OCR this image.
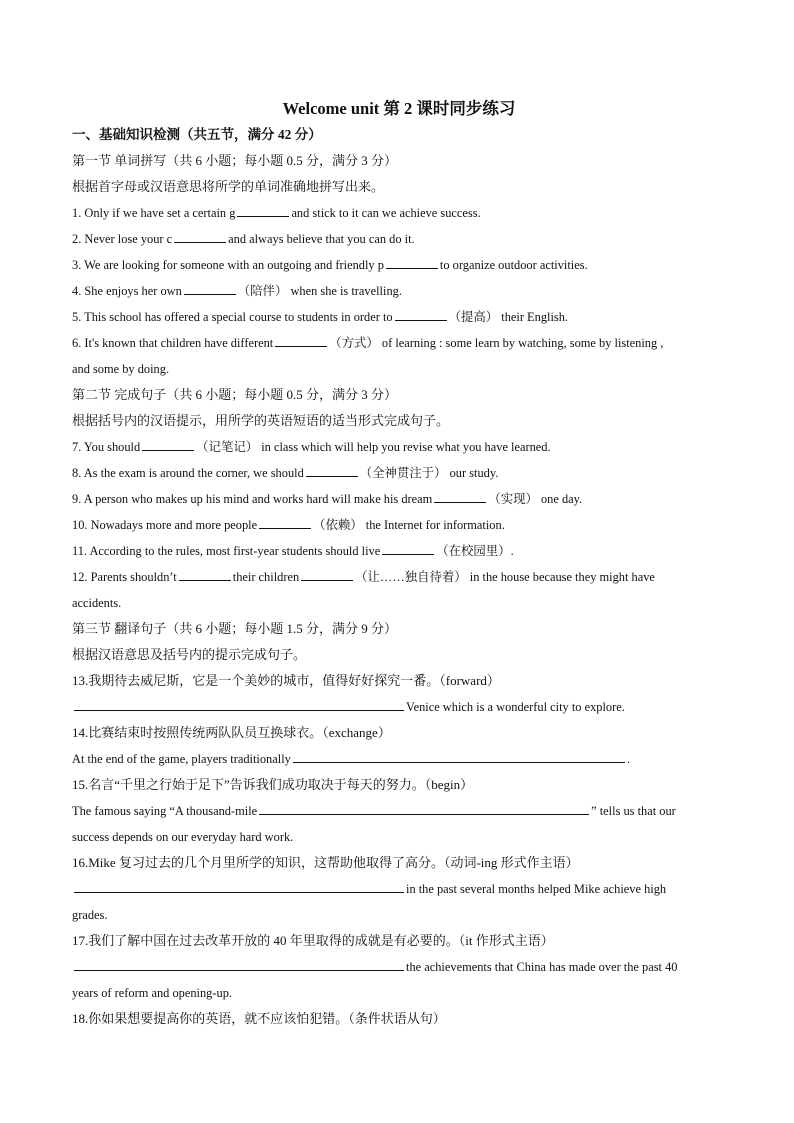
Welcome unit 第 2 课时同步练习
一、基础知识检测（共五节，满分 42 分）
第一节 单词拼写（共 6 小题；每小题 0.5 分，满分 3 分）
根据首字母或汉语意思将所学的单词准确地拼写出来。
1. Only if we have set a certain g	and stick to it can we achieve success.
2. Never lose your c	and always believe that you can do it.
3. We are looking for someone with an outgoing and friendly p	to organize outdoor activities.
4. She enjoys her own	（陪伴） when she is travelling.
5. This school has offered a special course to students in order to	（提高） their English.
6. It's known that children have different	（方式） of learning : some learn by watching, some by listening ,
and some by doing.
第二节 完成句子（共 6 小题；每小题 0.5 分，满分 3 分）
根据括号内的汉语提示，用所学的英语短语的适当形式完成句子。
7. You should	（记笔记） in class which will help you revise what you have learned.
8. As the exam is around the corner, we should	（全神贯注于） our study.
9. A person who makes up his mind and works hard will make his dream	（实现） one day.
10. Nowadays more and more people	（依赖） the Internet for information.
11. According to the rules, most first-year students should live	（在校园里）.
12. Parents shouldn’t	their children	（让……独自待着） in the house because they might have
accidents.
第三节 翻译句子（共 6 小题；每小题 1.5 分，满分 9 分）
根据汉语意思及括号内的提示完成句子。
13.我期待去威尼斯，它是一个美妙的城市，值得好好探究一番。（forward）
Venice which is a wonderful city to explore.
14.比赛结束时按照传统两队队员互换球衣。（exchange）
At the end of the game, players traditionally	.
15.名言“千里之行始于足下”告诉我们成功取决于每天的努力。（begin）
The famous saying “A thousand-mile	” tells us that our
success depends on our everyday hard work.
16.Mike 复习过去的几个月里所学的知识，这帮助他取得了高分。（动词-ing 形式作主语）
in the past several months helped Mike achieve high
grades.
17.我们了解中国在过去改革开放的 40 年里取得的成就是有必要的。（it 作形式主语）
the achievements that China has made over the past 40
years of reform and opening-up.
18.你如果想要提高你的英语，就不应该怕犯错。（条件状语从句）
